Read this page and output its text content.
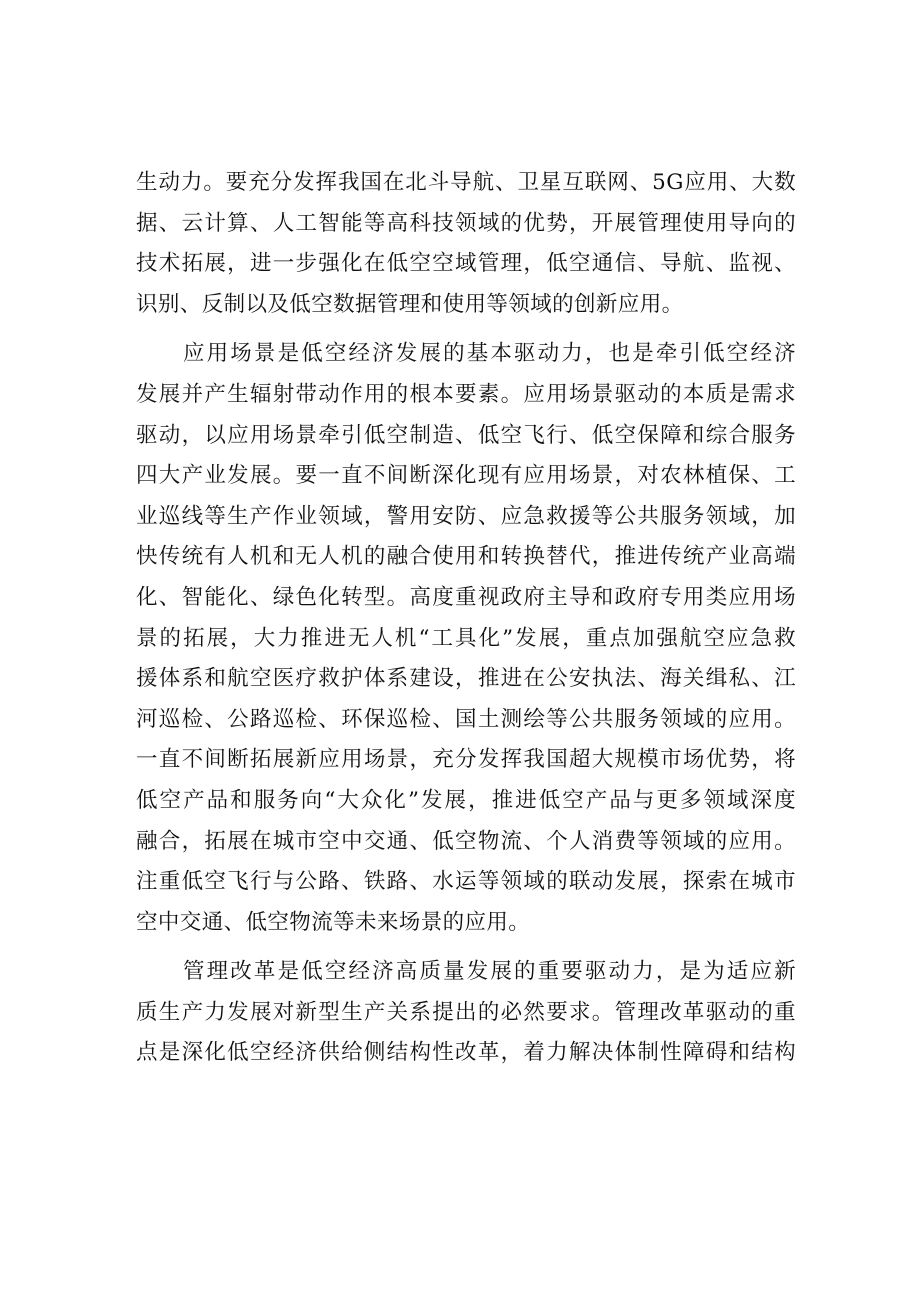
生动力。要充分发挥我国在北斗导航、卫星互联网、5G应用、大数
据、云计算、人工智能等高科技领域的优势，开展管理使用导向的
技术拓展，进一步强化在低空空域管理，低空通信、导航、监视、
识别、反制以及低空数据管理和使用等领域的创新应用。

应用场景是低空经济发展的基本驱动力，也是牵引低空经济
发展并产生辐射带动作用的根本要素。应用场景驱动的本质是需求
驱动，以应用场景牵引低空制造、低空飞行、低空保障和综合服务
四大产业发展。要一直不间断深化现有应用场景，对农林植保、工
业巡线等生产作业领域，警用安防、应急救援等公共服务领域，加
快传统有人机和无人机的融合使用和转换替代，推进传统产业高端
化、智能化、绿色化转型。高度重视政府主导和政府专用类应用场
景的拓展，大力推进无人机“工具化”发展，重点加强航空应急救
援体系和航空医疗救护体系建设，推进在公安执法、海关缉私、江
河巡检、公路巡检、环保巡检、国土测绘等公共服务领域的应用。
一直不间断拓展新应用场景，充分发挥我国超大规模市场优势，将
低空产品和服务向“大众化”发展，推进低空产品与更多领域深度
融合，拓展在城市空中交通、低空物流、个人消费等领域的应用。
注重低空飞行与公路、铁路、水运等领域的联动发展，探索在城市
空中交通、低空物流等未来场景的应用。

管理改革是低空经济高质量发展的重要驱动力，是为适应新
质生产力发展对新型生产关系提出的必然要求。管理改革驱动的重
点是深化低空经济供给侧结构性改革，着力解决体制性障碍和结构
